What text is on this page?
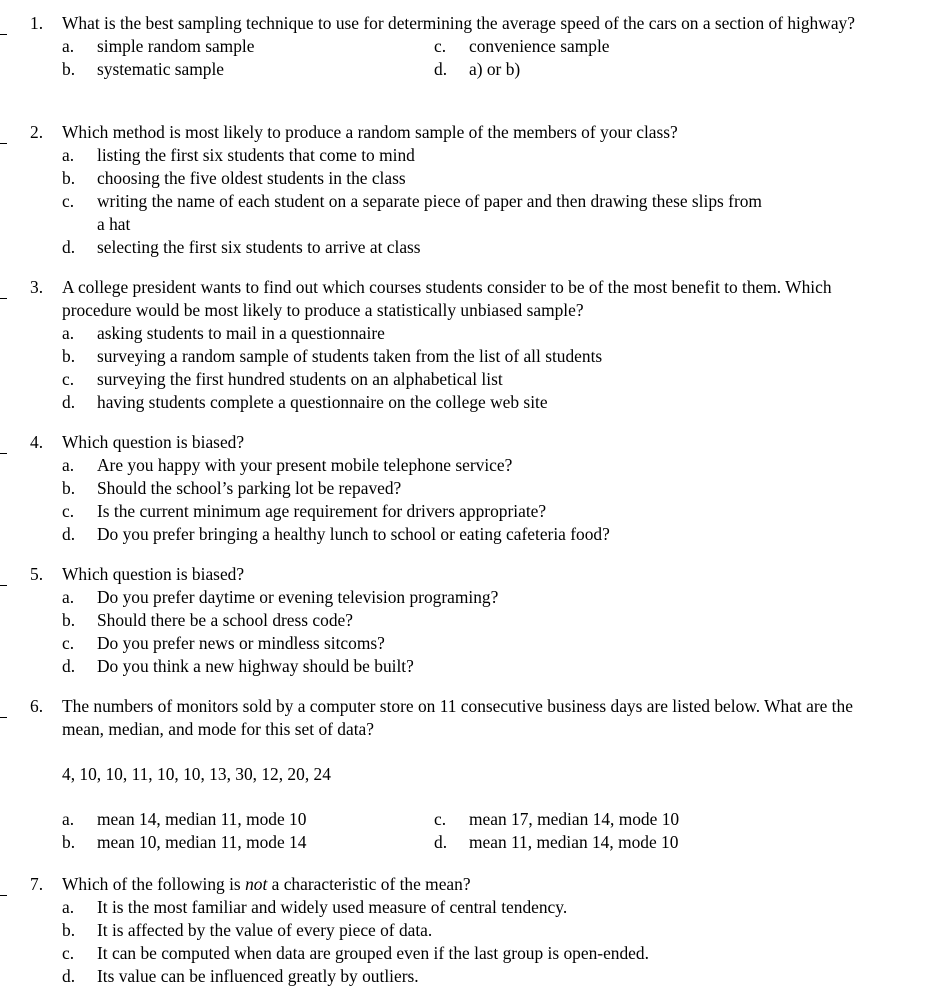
1. What is the best sampling technique to use for determining the average speed of the cars on a section of highway?
a. simple random sample	c. convenience sample
b. systematic sample	d. a) or b)
2. Which method is most likely to produce a random sample of the members of your class?
a. listing the first six students that come to mind
b. choosing the five oldest students in the class
c. writing the name of each student on a separate piece of paper and then drawing these slips from a hat
d. selecting the first six students to arrive at class
3. A college president wants to find out which courses students consider to be of the most benefit to them. Which procedure would be most likely to produce a statistically unbiased sample?
a. asking students to mail in a questionnaire
b. surveying a random sample of students taken from the list of all students
c. surveying the first hundred students on an alphabetical list
d. having students complete a questionnaire on the college web site
4. Which question is biased?
a. Are you happy with your present mobile telephone service?
b. Should the school’s parking lot be repaved?
c. Is the current minimum age requirement for drivers appropriate?
d. Do you prefer bringing a healthy lunch to school or eating cafeteria food?
5. Which question is biased?
a. Do you prefer daytime or evening television programing?
b. Should there be a school dress code?
c. Do you prefer news or mindless sitcoms?
d. Do you think a new highway should be built?
6. The numbers of monitors sold by a computer store on 11 consecutive business days are listed below. What are the mean, median, and mode for this set of data?
4, 10, 10, 11, 10, 10, 13, 30, 12, 20, 24
a. mean 14, median 11, mode 10	c. mean 17, median 14, mode 10
b. mean 10, median 11, mode 14	d. mean 11, median 14, mode 10
7. Which of the following is not a characteristic of the mean?
a. It is the most familiar and widely used measure of central tendency.
b. It is affected by the value of every piece of data.
c. It can be computed when data are grouped even if the last group is open-ended.
d. Its value can be influenced greatly by outliers.
